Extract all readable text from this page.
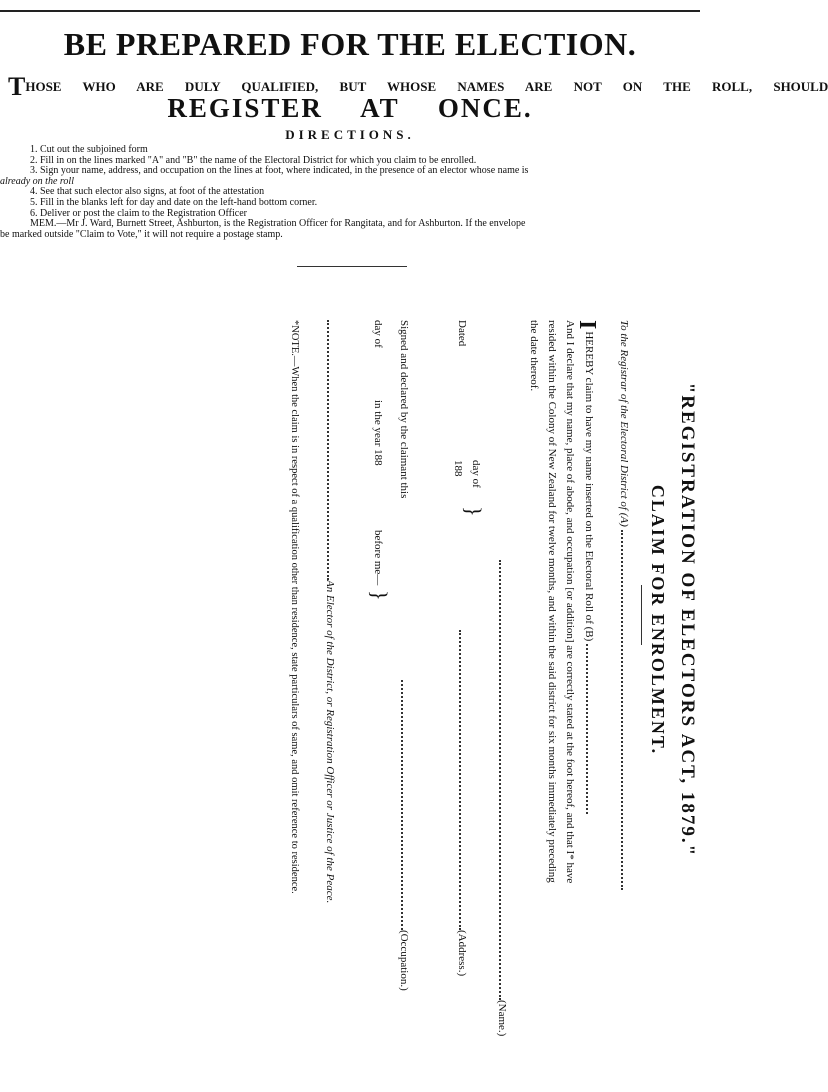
BE PREPARED FOR THE ELECTION.
THOSE WHO ARE DULY QUALIFIED, BUT WHOSE NAMES ARE NOT ON THE ROLL, SHOULD
REGISTER AT ONCE.
DIRECTIONS.
1. Cut out the subjoined form
2. Fill in on the lines marked "A" and "B" the name of the Electoral District for which you claim to be enrolled.
3. Sign your name, address, and occupation on the lines at foot, where indicated, in the presence of an elector whose name is
already on the roll
4. See that such elector also signs, at foot of the attestation
5. Fill in the blanks left for day and date on the left-hand bottom corner.
6. Deliver or post the claim to the Registration Officer
MEM.—Mr J. Ward, Burnett Street, Ashburton, is the Registration Officer for Rangitata, and for Ashburton. If the envelope
be marked outside "Claim to Vote," it will not require a postage stamp.
"REGISTRATION OF ELECTORS ACT, 1879."
CLAIM FOR ENROLMENT.
To the Registrar of the Electoral District of (A)
IHEREBY claim to have my name inserted on the Electoral Roll of (B)
And I declare that my name, place of abode, and occupation [or addition] are correctly stated at the foot hereof, and that I* have
resided within the Colony of New Zealand for twelve months, and within the said district for six months immediately preceding
the date thereof.
(Name.)
Dated
day of
188
}
(Address.)
Signed and declared by the claimant this
(Occupation.)
day of
in the year 188
before me—
}
An Elector of the District, or Registration Officer or Justice of the Peace.
*NOTE.—When the claim is in respect of a qualification other than residence, state particulars of same, and omit reference to residence.
